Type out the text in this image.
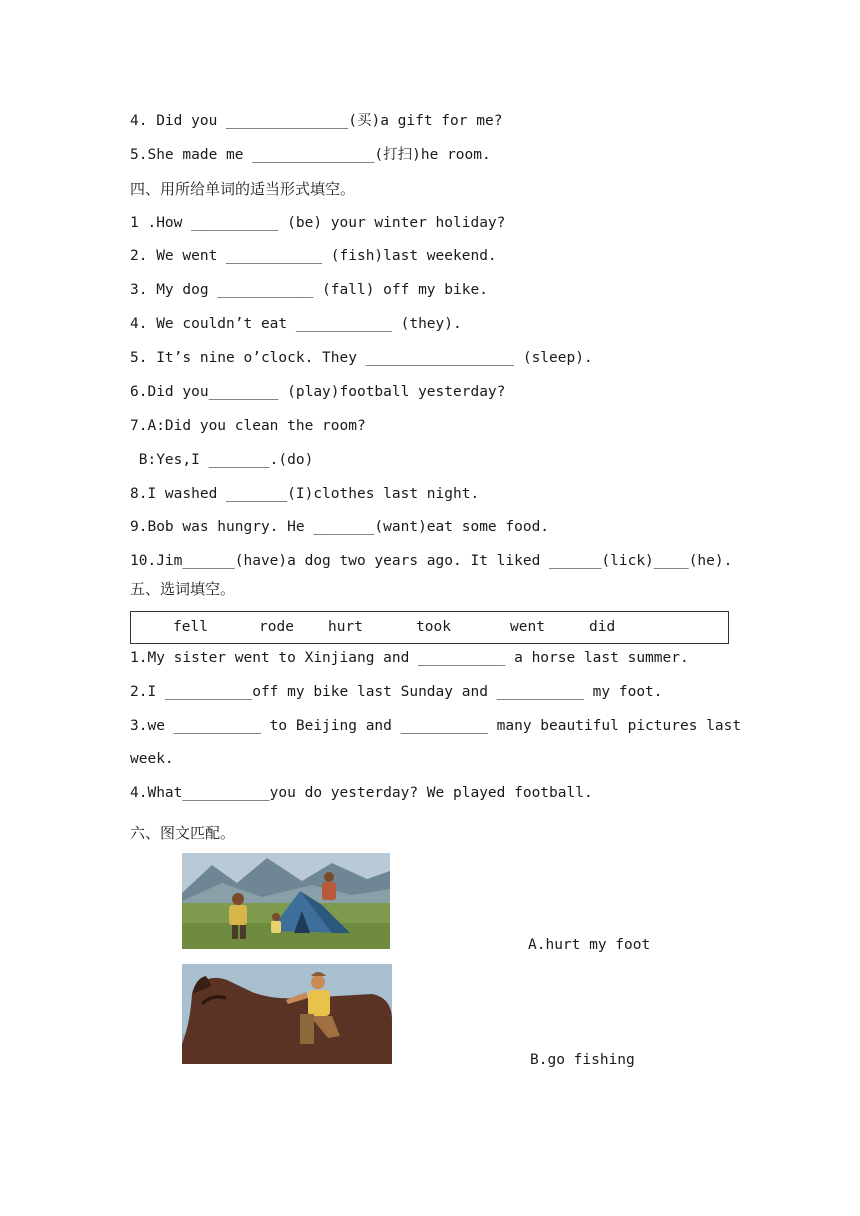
4. Did you ______________(买)a gift for me?
5.She made me ______________(打扫)he room.
四、用所给单词的适当形式填空。
1 .How __________ (be) your winter holiday?
2. We went ___________ (fish)last weekend.
3. My dog ___________ (fall) off my bike.
4. We couldn’t eat ___________ (they).
5. It’s nine o’clock. They _________________ (sleep).
6.Did you________ (play)football yesterday?
7.A:Did you clean the room?
B:Yes,I _______.(do)
8.I washed _______(I)clothes last night.
9.Bob was hungry. He _______(want)eat some food.
10.Jim______(have)a dog two years ago. It liked ______(lick)____(he).
五、选词填空。
fell	rode hurt	took	went	did
1.My sister went to Xinjiang and __________ a horse last summer.
2.I __________off my bike last Sunday and __________ my foot.
3.we __________ to Beijing and __________ many beautiful pictures last
week.
4.What__________you do yesterday? We played football.
六、图文匹配。
A.hurt my foot
B.go fishing
